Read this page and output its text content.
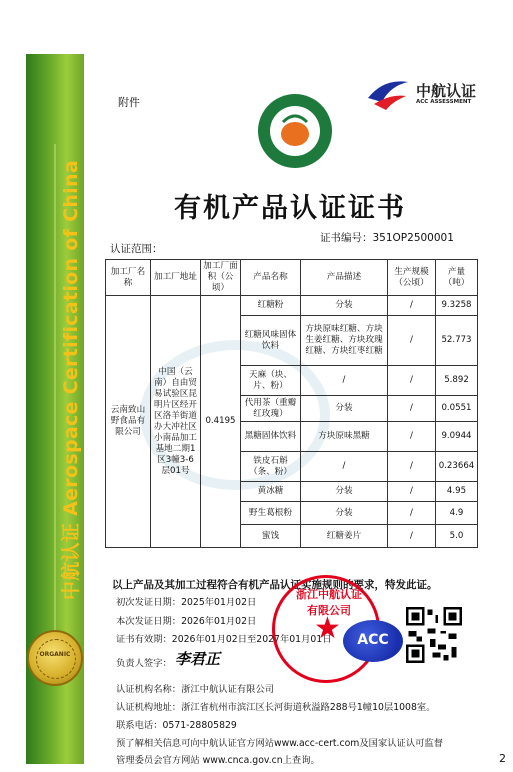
中航认证 Aerospace Certification of China
ORGANIC
附件
中航认证
ACC ASSESSMENT
有机产品认证证书
证书编号：351OP2500001
认证范围：
加工厂名称	加工厂地址	加工厂面积（公顷）	产品名称	产品描述	生产规模（公顷）	产量（吨）
云南致山野食品有限公司	中国（云南）自由贸易试验区昆明片区经开区洛羊街道办大冲社区小南品加工基地二期1区3幢3-6层01号	0.4195	红糖粉	分装	/	9.3258
			红糖风味固体饮料	方块原味红糖、方块生姜红糖、方块玫瑰红糖、方块红枣红糖	/	52.773
			天麻（块、片、粉）	/	/	5.892
			代用茶（重瓣红玫瑰）	分装	/	0.0551
			黑糖固体饮料	方块原味黑糖	/	9.0944
			铁皮石斛（条、粉）	/	/	0.23664
			黄冰糖	分装	/	4.95
			野生葛根粉	分装	/	4.9
			蜜饯	红糖姜片	/	5.0
以上产品及其加工过程符合有机产品认证实施规则的要求，特发此证。
初次发证日期：2025年01月02日
本次发证日期：2026年01月02日
证书有效期：2026年01月02日至2027年01月01日
负责人签字： 李君正
浙江中航认证有限公司
★	ACC
认证机构名称：浙江中航认证有限公司
认证机构地址：浙江省杭州市滨江区长河街道秋溢路288号1幢10层1008室。
联系电话：0571-28805829
预了解相关信息可向中航认证官方网站www.acc-cert.com及国家认证认可监督
管理委员会官方网站 www.cnca.gov.cn上查询。	2
